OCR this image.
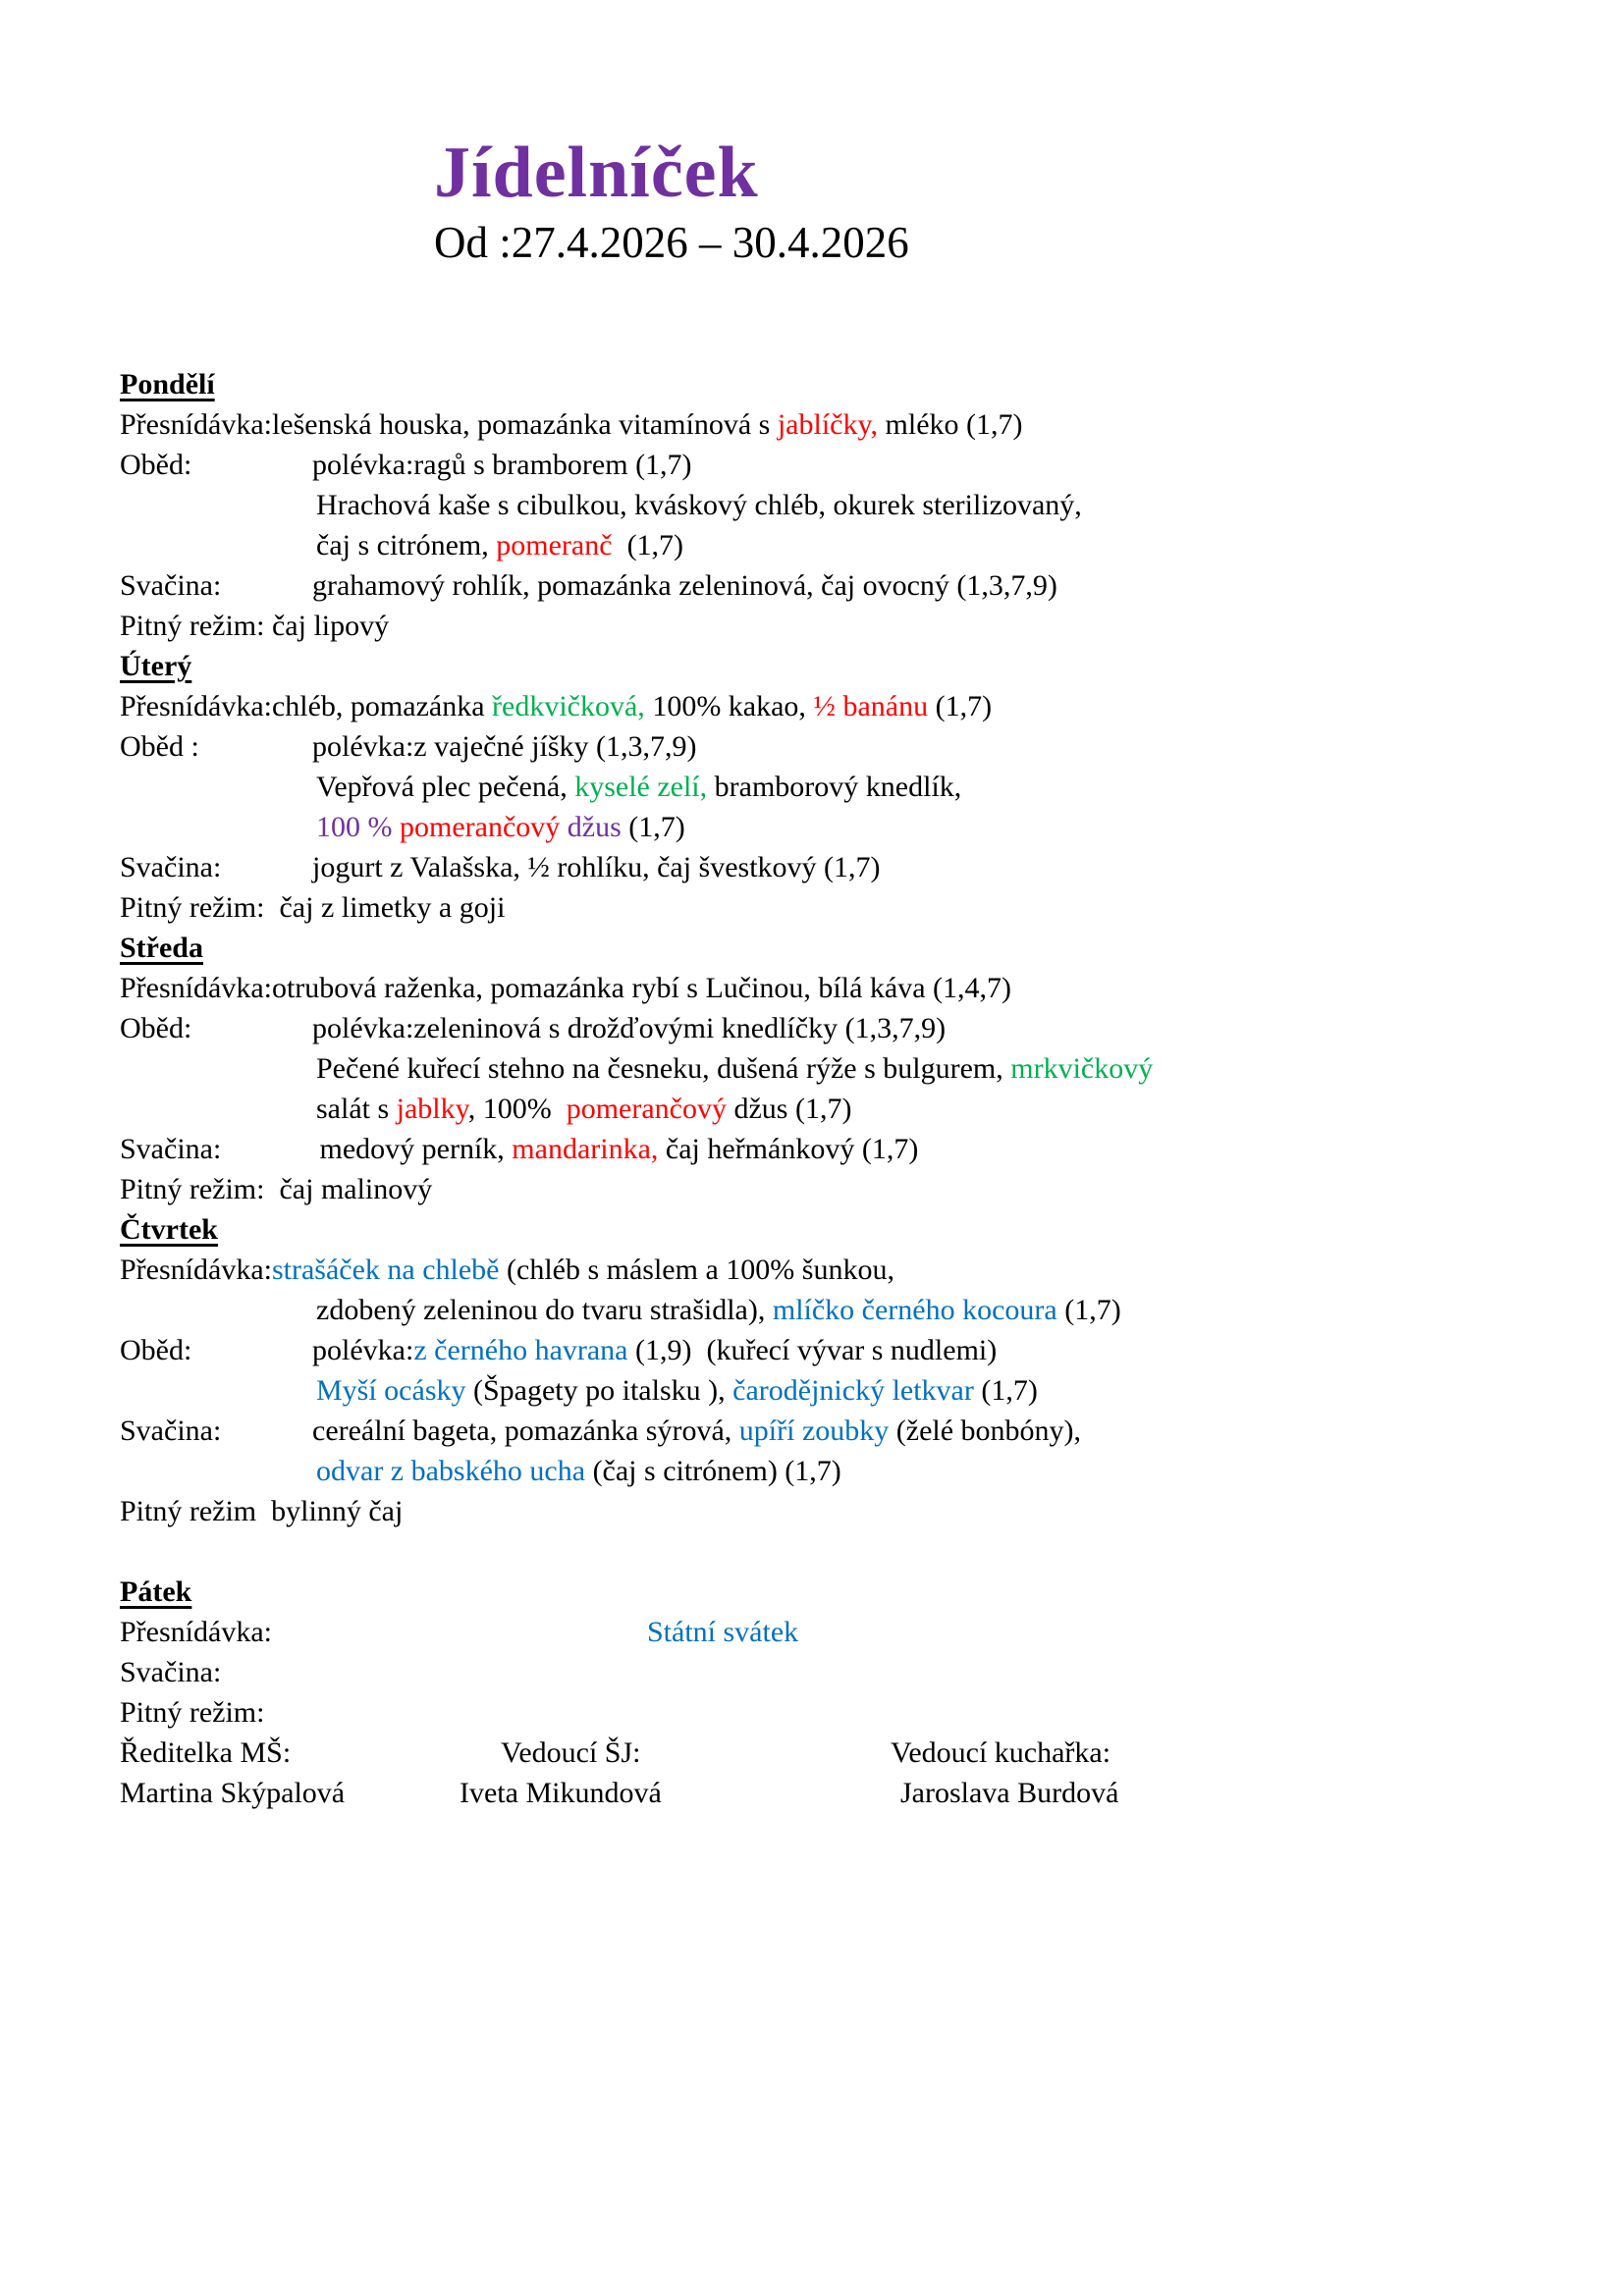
Jídelníček
Od :27.4.2026 – 30.4.2026
Pondělí
Přesnídávka:lešenská houska, pomazánka vitamínová s jablíčky, mléko (1,7)
Oběd:	polévka:ragů s bramborem (1,7)
Hrachová kaše s cibulkou, kváskový chléb, okurek sterilizovaný,
čaj s citrónem, pomeranč  (1,7)
Svačina:	grahamový rohlík, pomazánka zeleninová, čaj ovocný (1,3,7,9)
Pitný režim: čaj lipový
Úterý
Přesnídávka:chléb, pomazánka ředkvičková, 100% kakao, ½ banánu (1,7)
Oběd :	polévka:z vaječné jíšky (1,3,7,9)
Vepřová plec pečená, kyselé zelí, bramborový knedlík,
100 % pomerančový džus (1,7)
Svačina:	jogurt z Valašska, ½ rohlíku, čaj švestkový (1,7)
Pitný režim:  čaj z limetky a goji
Středa
Přesnídávka:otrubová raženka, pomazánka rybí s Lučinou, bílá káva (1,4,7)
Oběd:	polévka:zeleninová s drožďovými knedlíčky (1,3,7,9)
Pečené kuřecí stehno na česneku, dušená rýže s bulgurem, mrkvičkový
salát s jablky, 100%  pomerančový džus (1,7)
Svačina:	medový perník, mandarinka, čaj heřmánkový (1,7)
Pitný režim:  čaj malinový
Čtvrtek
Přesnídávka:strašáček na chlebě (chléb s máslem a 100% šunkou,
zdobený zeleninou do tvaru strašidla), mlíčko černého kocoura (1,7)
Oběd:	polévka:z černého havrana (1,9)  (kuřecí vývar s nudlemi)
Myší ocásky (Špagety po italsku ), čarodějnický letkvar (1,7)
Svačina:	cereální bageta, pomazánka sýrová, upíří zoubky (želé bonbóny),
odvar z babského ucha (čaj s citrónem) (1,7)
Pitný režim  bylinný čaj
Pátek
Přesnídávka:	Státní svátek
Svačina:
Pitný režim:
Ředitelka MŠ:	Vedoucí ŠJ:	Vedoucí kuchařka:
Martina Skýpalová	Iveta Mikundová	Jaroslava Burdová
